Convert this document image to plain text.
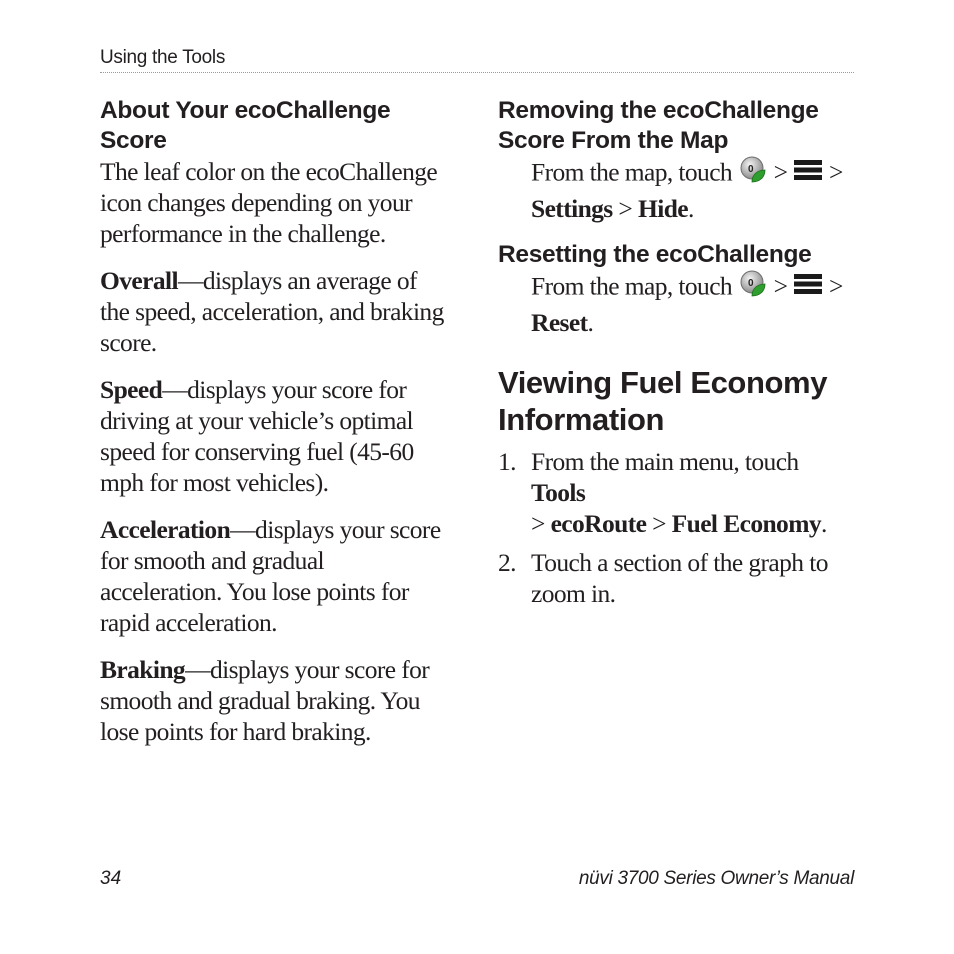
Using the Tools
About Your ecoChallenge Score

The leaf color on the ecoChallenge icon changes depending on your performance in the challenge.

Overall—displays an average of the speed, acceleration, and braking score.

Speed—displays your score for driving at your vehicle’s optimal speed for conserving fuel (45-60 mph for most vehicles).

Acceleration—displays your score for smooth and gradual acceleration. You lose points for rapid acceleration.

Braking—displays your score for smooth and gradual braking. You lose points for hard braking.

Removing the ecoChallenge Score From the Map

From the map, touch 0 > >
Settings > Hide.

Resetting the ecoChallenge

From the map, touch 0 > >
Reset.

Viewing Fuel Economy Information
1. From the main menu, touch Tools
> ecoRoute > Fuel Economy.
2. Touch a section of the graph to zoom in.
34	nüvi 3700 Series Owner’s Manual
